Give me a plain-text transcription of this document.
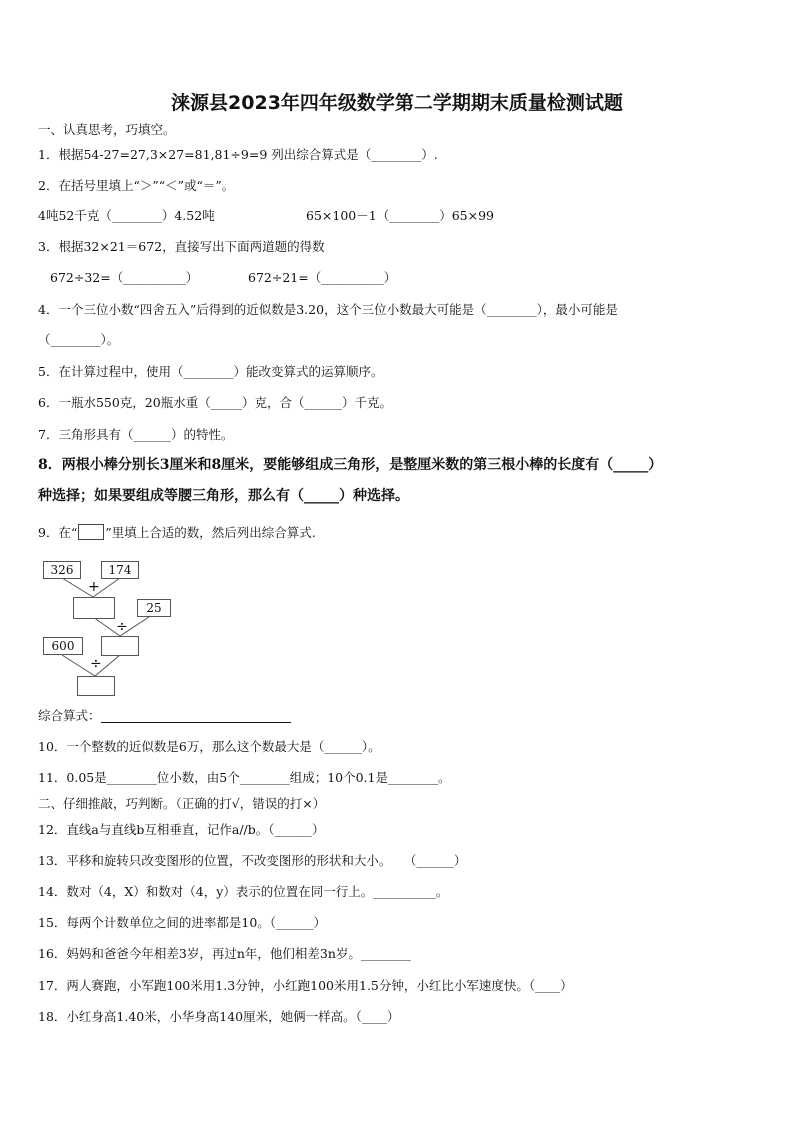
涞源县2023年四年级数学第二学期期末质量检测试题
一、认真思考，巧填空。
1．根据54-27=27,3×27=81,81÷9=9 列出综合算式是（________）.
2．在括号里填上“＞”“＜”或“＝”。
4吨52千克（________）4.52吨	65×100－1（________）65×99
3．根据32×21＝672，直接写出下面两道题的得数
672÷32=（__________）	672÷21=（__________）
4．一个三位小数“四舍五入”后得到的近似数是3.20，这个三位小数最大可能是（________），最小可能是
（________）。
5．在计算过程中，使用（________）能改变算式的运算顺序。
6．一瓶水550克，20瓶水重（_____）克，合（______）千克。
7．三角形具有（______）的特性。
8．两根小棒分别长3厘米和8厘米，要能够组成三角形，是整厘米数的第三根小棒的长度有（_____）
种选择；如果要组成等腰三角形，那么有（_____）种选择。
9．在“ ”里填上合适的数，然后列出综合算式.
326	174
+
25
÷
600
÷
综合算式：
10．一个整数的近似数是6万，那么这个数最大是（______）。
11．0.05是________位小数，由5个________组成；10个0.1是________。
二、仔细推敲，巧判断。（正确的打√，错误的打×）
12．直线a与直线b互相垂直，记作a//b。（______）
13．平移和旋转只改变图形的位置，不改变图形的形状和大小。　　（______）
14．数对（4，X）和数对（4，y）表示的位置在同一行上。__________。
15．每两个计数单位之间的进率都是10。（______）
16．妈妈和爸爸今年相差3岁，再过n年，他们相差3n岁。________
17．两人赛跑，小军跑100米用1.3分钟，小红跑100米用1.5分钟，小红比小军速度快。（____）
18．小红身高1.40米，小华身高140厘米，她俩一样高。（____）
